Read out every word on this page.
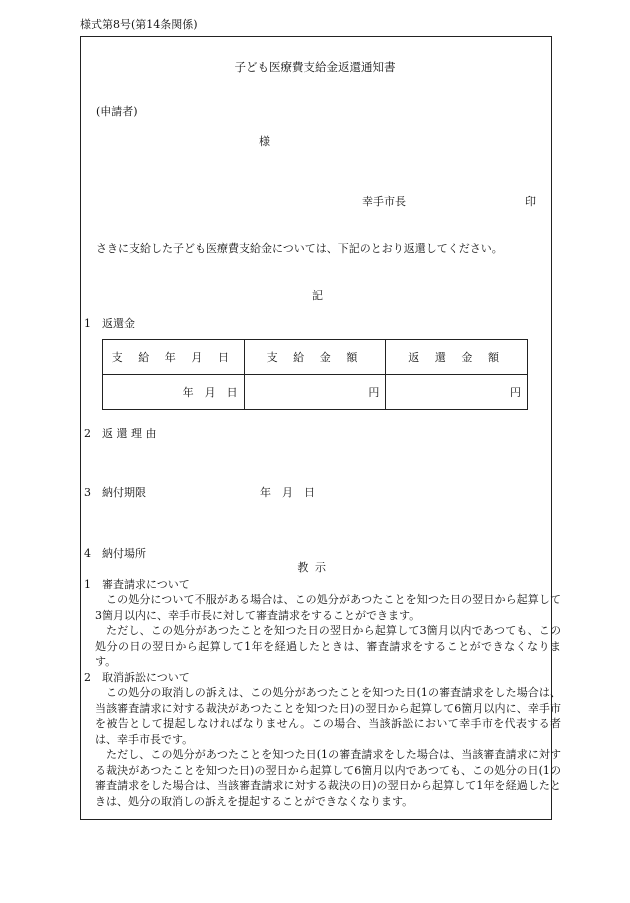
様式第8号(第14条関係)
子ども医療費支給金返還通知書
(申請者)
様
幸手市長	印
さきに支給した子ども医療費支給金については、下記のとおり返還してください。
記
1　返還金
支 給 年 月 日	支 給 金 額	返 還 金 額
年　月　日	円	円
2　返 還 理 由
3　納付期限	年　月　日
4　納付場所
教示
1　審査請求について
この処分について不服がある場合は、この処分があつたことを知つた日の翌日から起算して3箇月以内に、幸手市長に対して審査請求をすることができます。
ただし、この処分があつたことを知つた日の翌日から起算して3箇月以内であつても、この処分の日の翌日から起算して1年を経過したときは、審査請求をすることができなくなります。
2　取消訴訟について
この処分の取消しの訴えは、この処分があつたことを知つた日(1の審査請求をした場合は、当該審査請求に対する裁決があつたことを知つた日)の翌日から起算して6箇月以内に、幸手市を被告として提起しなければなりません。この場合、当該訴訟において幸手市を代表する者は、幸手市長です。
ただし、この処分があつたことを知つた日(1の審査請求をした場合は、当該審査請求に対する裁決があつたことを知つた日)の翌日から起算して6箇月以内であつても、この処分の日(1の審査請求をした場合は、当該審査請求に対する裁決の日)の翌日から起算して1年を経過したときは、処分の取消しの訴えを提起することができなくなります。
